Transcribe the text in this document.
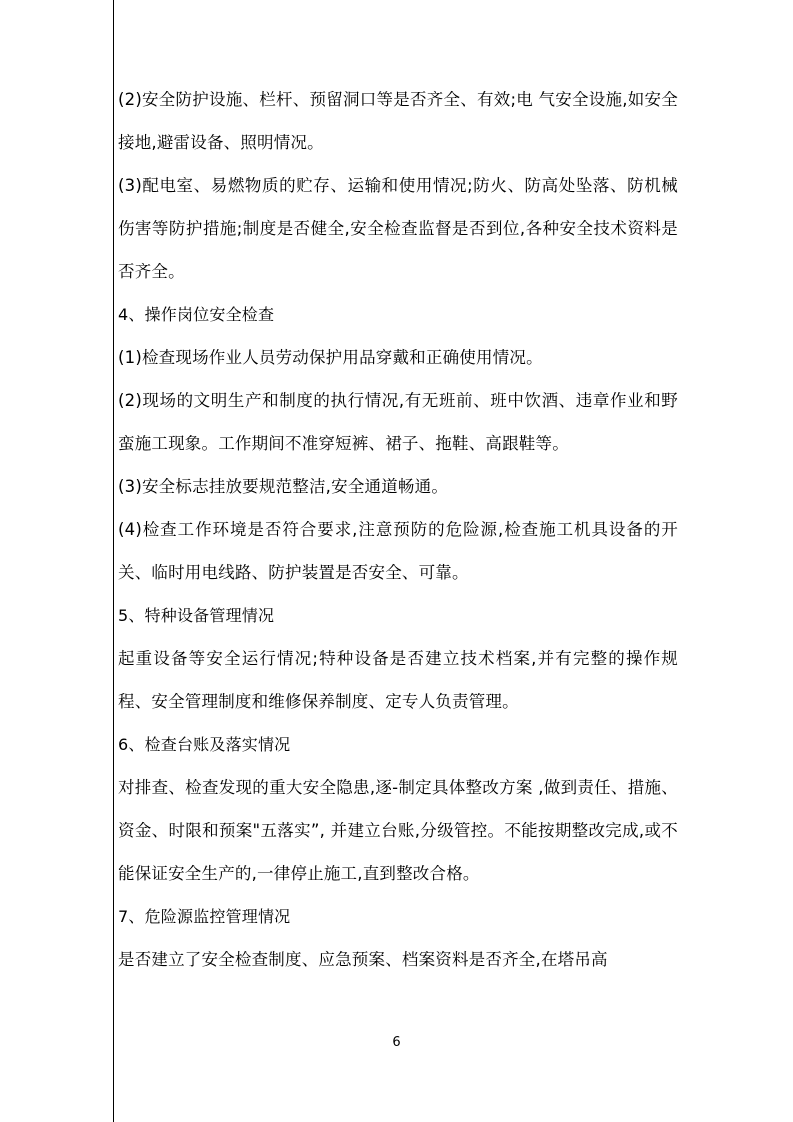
(2)安全防护设施、栏杆、预留洞口等是否齐全、有效;电 气安全设施,如安全接地,避雷设备、照明情况。

(3)配电室、易燃物质的贮存、运输和使用情况;防火、防高处坠落、防机械伤害等防护措施;制度是否健全,安全检查监督是否到位,各种安全技术资料是否齐全。

4、操作岗位安全检查

(1)检查现场作业人员劳动保护用品穿戴和正确使用情况。

(2)现场的文明生产和制度的执行情况,有无班前、班中饮酒、违章作业和野蛮施工现象。工作期间不准穿短裤、裙子、拖鞋、高跟鞋等。

(3)安全标志挂放要规范整洁,安全通道畅通。

(4)检查工作环境是否符合要求,注意预防的危险源,检查施工机具设备的开关、临时用电线路、防护装置是否安全、可靠。

5、特种设备管理情况

起重设备等安全运行情况;特种设备是否建立技术档案,并有完整的操作规程、安全管理制度和维修保养制度、定专人负责管理。

6、检查台账及落实情况

对排查、检查发现的重大安全隐患,逐-制定具体整改方案 ,做到责任、措施、资金、时限和预案"五落实”, 并建立台账,分级管控。不能按期整改完成,或不能保证安全生产的,一律停止施工,直到整改合格。

7、危险源监控管理情况

是否建立了安全检查制度、应急预案、档案资料是否齐全,在塔吊高

6
